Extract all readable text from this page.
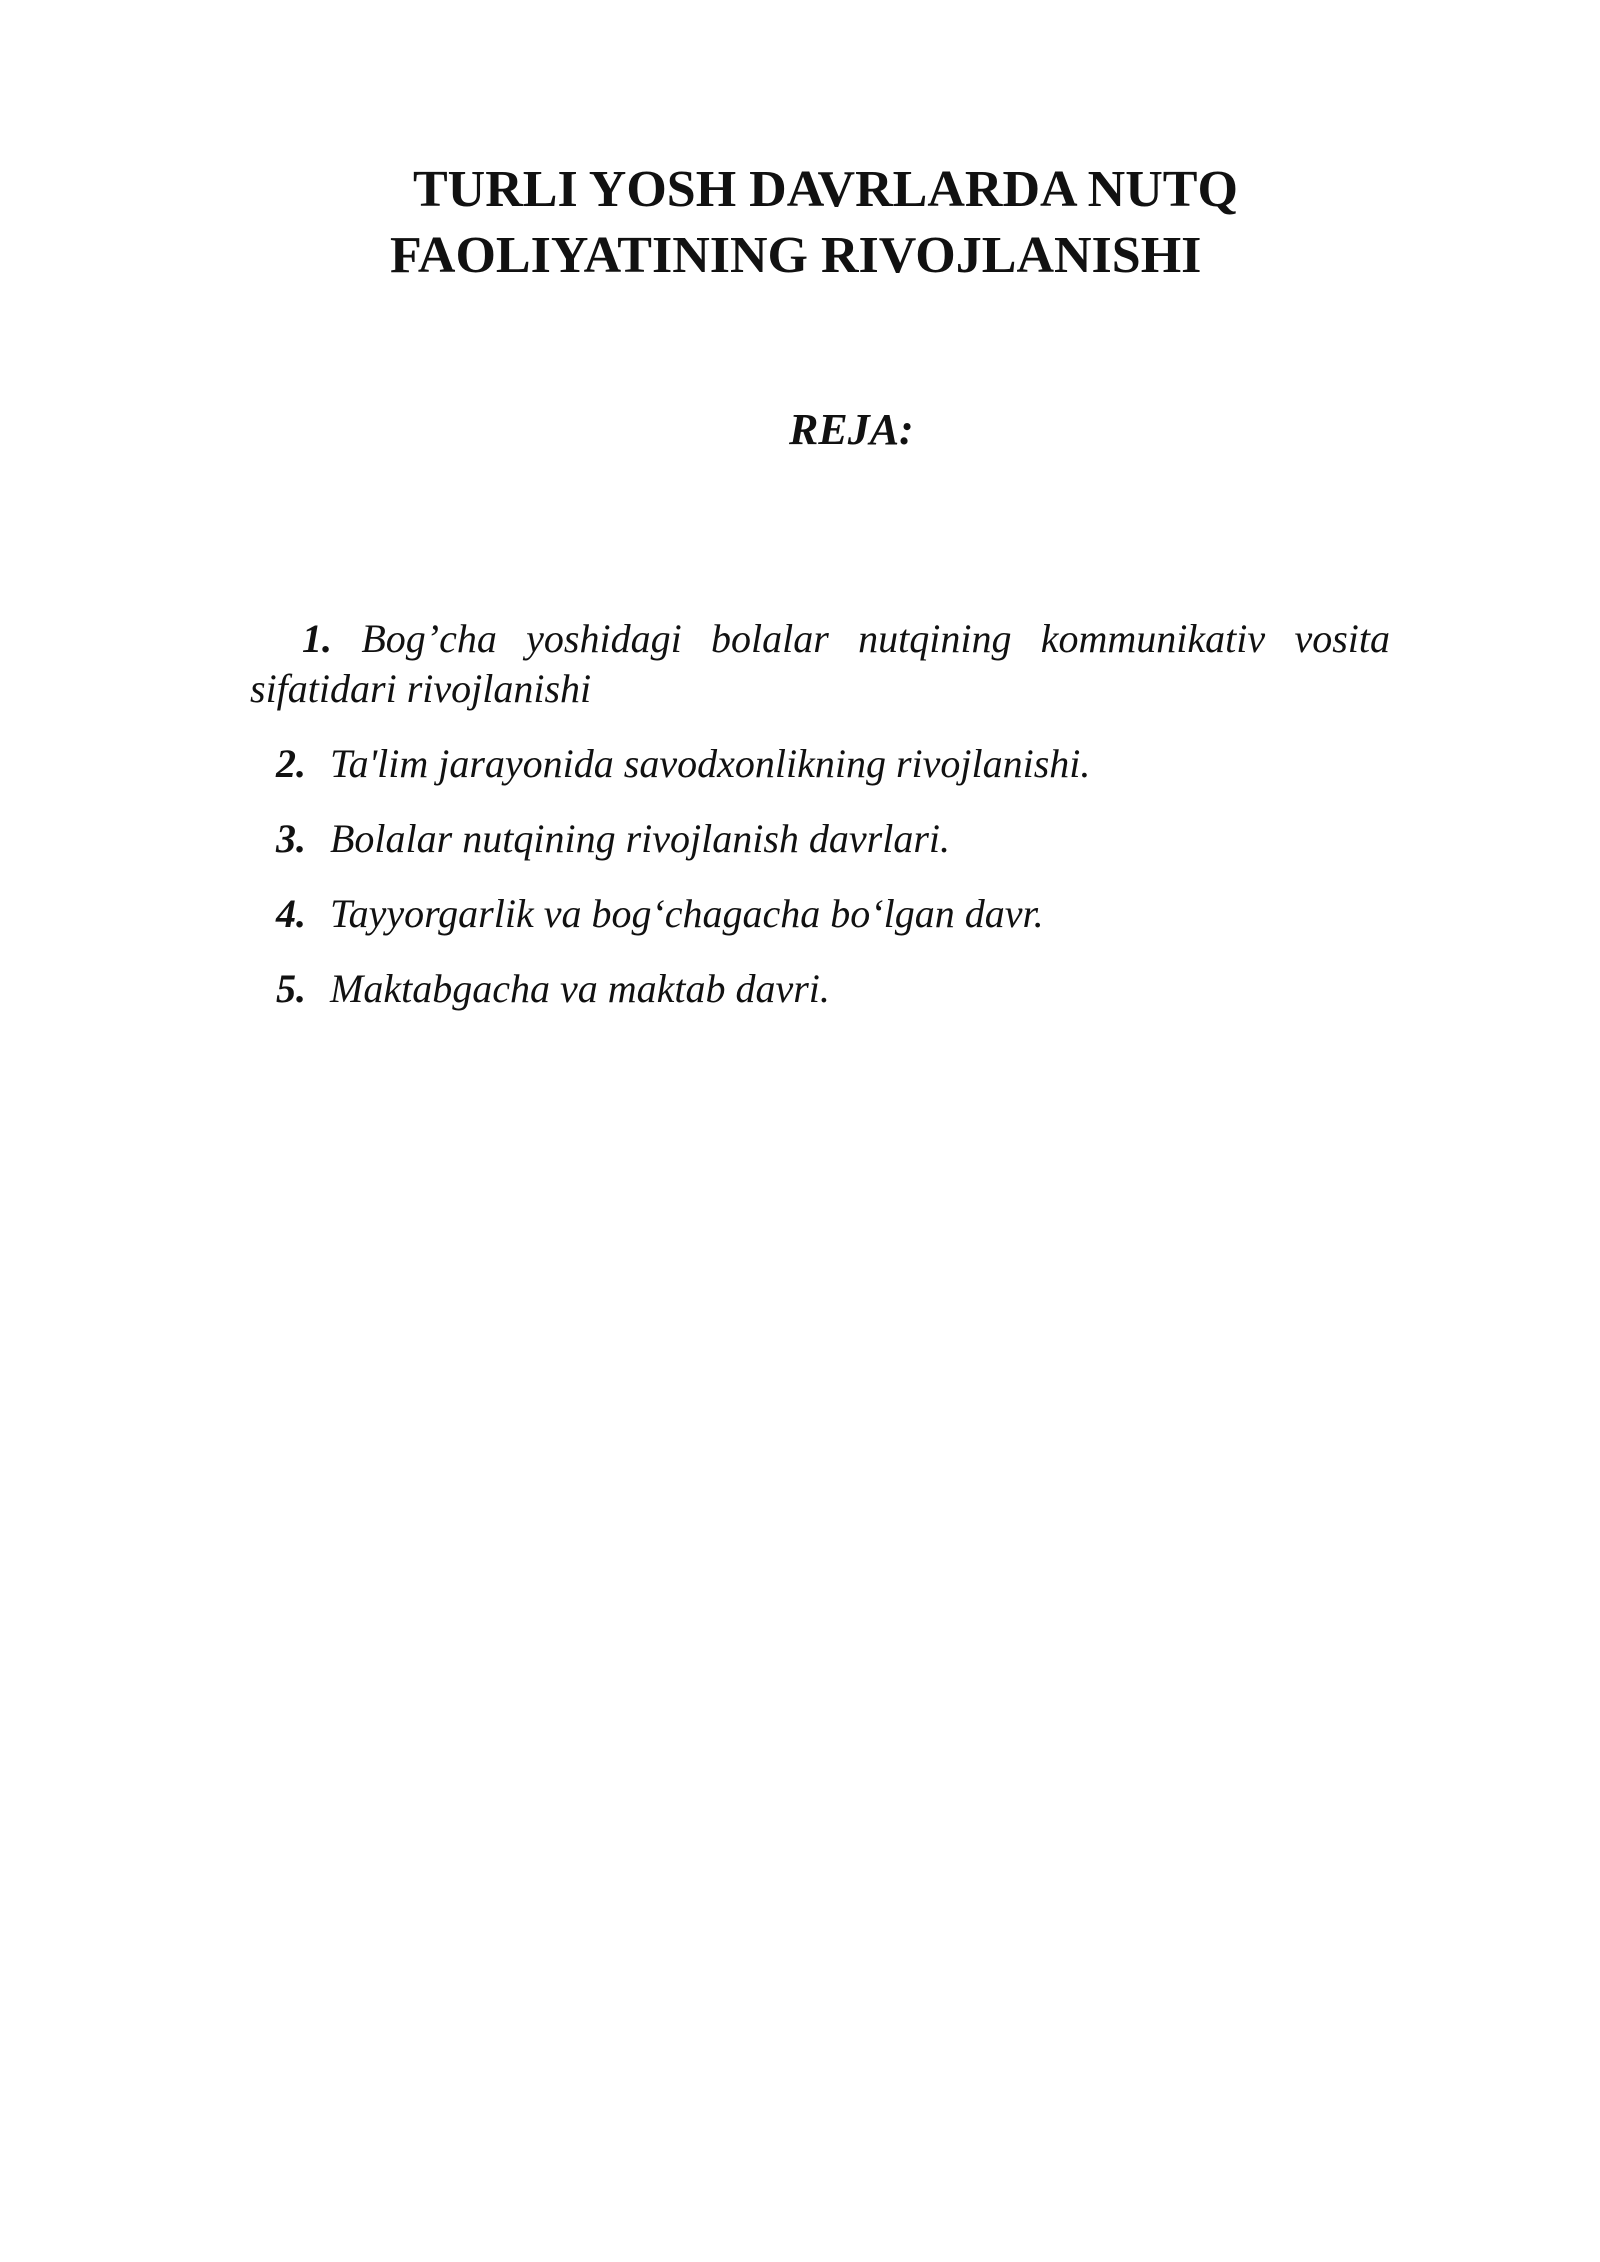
TURLI YOSH DAVRLARDA NUTQ
FAOLIYATINING RIVOJLANISHI
REJA:
1. Bog’cha yoshidagi bolalar nutqining kommunikativ vosita sifatidari rivojlanishi
2. Ta'lim jarayonida savodxonlikning rivojlanishi.
3. Bolalar nutqining rivojlanish davrlari.
4. Tayyorgarlik va bog‘chagacha bo‘lgan davr.
5. Maktabgacha va maktab davri.
